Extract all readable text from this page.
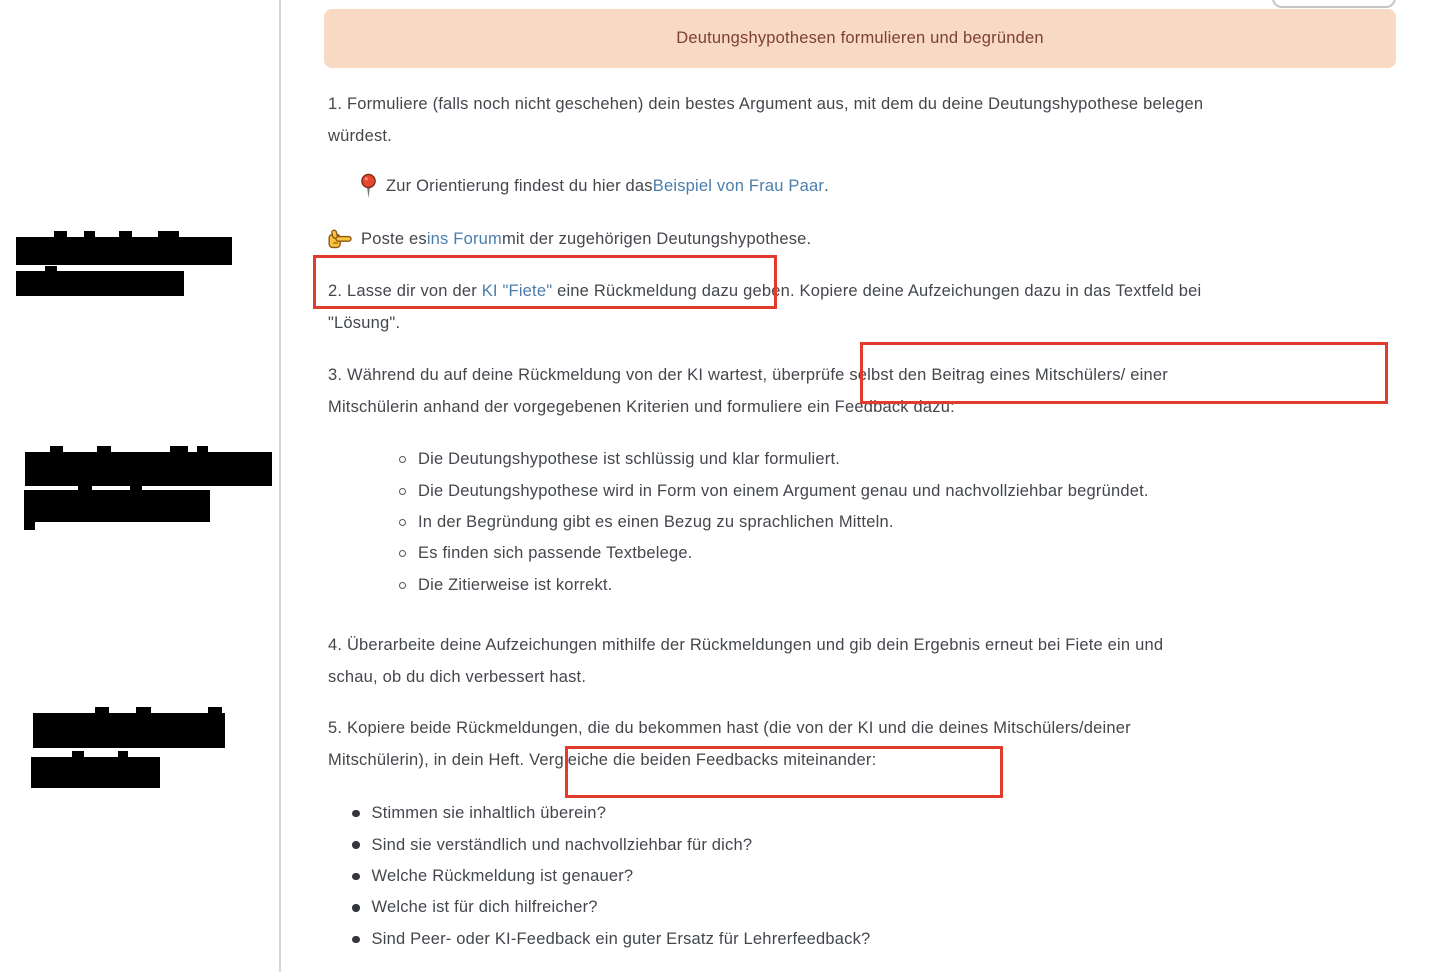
Deutungshypothesen formulieren und begründen
1. Formuliere (falls noch nicht geschehen) dein bestes Argument aus, mit dem du deine Deutungshypothese belegen
würdest.
Zur Orientierung findest du hier das Beispiel von Frau Paar .
Poste es ins Forum mit der zugehörigen Deutungshypothese.
2. Lasse dir von der KI "Fiete" eine Rückmeldung dazu geben. Kopiere deine Aufzeichungen dazu in das Textfeld bei
"Lösung".
3. Während du auf deine Rückmeldung von der KI wartest, überprüfe selbst den Beitrag eines Mitschülers/ einer
Mitschülerin anhand der vorgegebenen Kriterien und formuliere ein Feedback dazu:
Die Deutungshypothese ist schlüssig und klar formuliert.
Die Deutungshypothese wird in Form von einem Argument genau und nachvollziehbar begründet.
In der Begründung gibt es einen Bezug zu sprachlichen Mitteln.
Es finden sich passende Textbelege.
Die Zitierweise ist korrekt.
4. Überarbeite deine Aufzeichungen mithilfe der Rückmeldungen und gib dein Ergebnis erneut bei Fiete ein und
schau, ob du dich verbessert hast.
5. Kopiere beide Rückmeldungen, die du bekommen hast (die von der KI und die deines Mitschülers/deiner
Mitschülerin), in dein Heft. Vergleiche die beiden Feedbacks miteinander:
Stimmen sie inhaltlich überein?
Sind sie verständlich und nachvollziehbar für dich?
Welche Rückmeldung ist genauer?
Welche ist für dich hilfreicher?
Sind Peer- oder KI-Feedback ein guter Ersatz für Lehrerfeedback?
